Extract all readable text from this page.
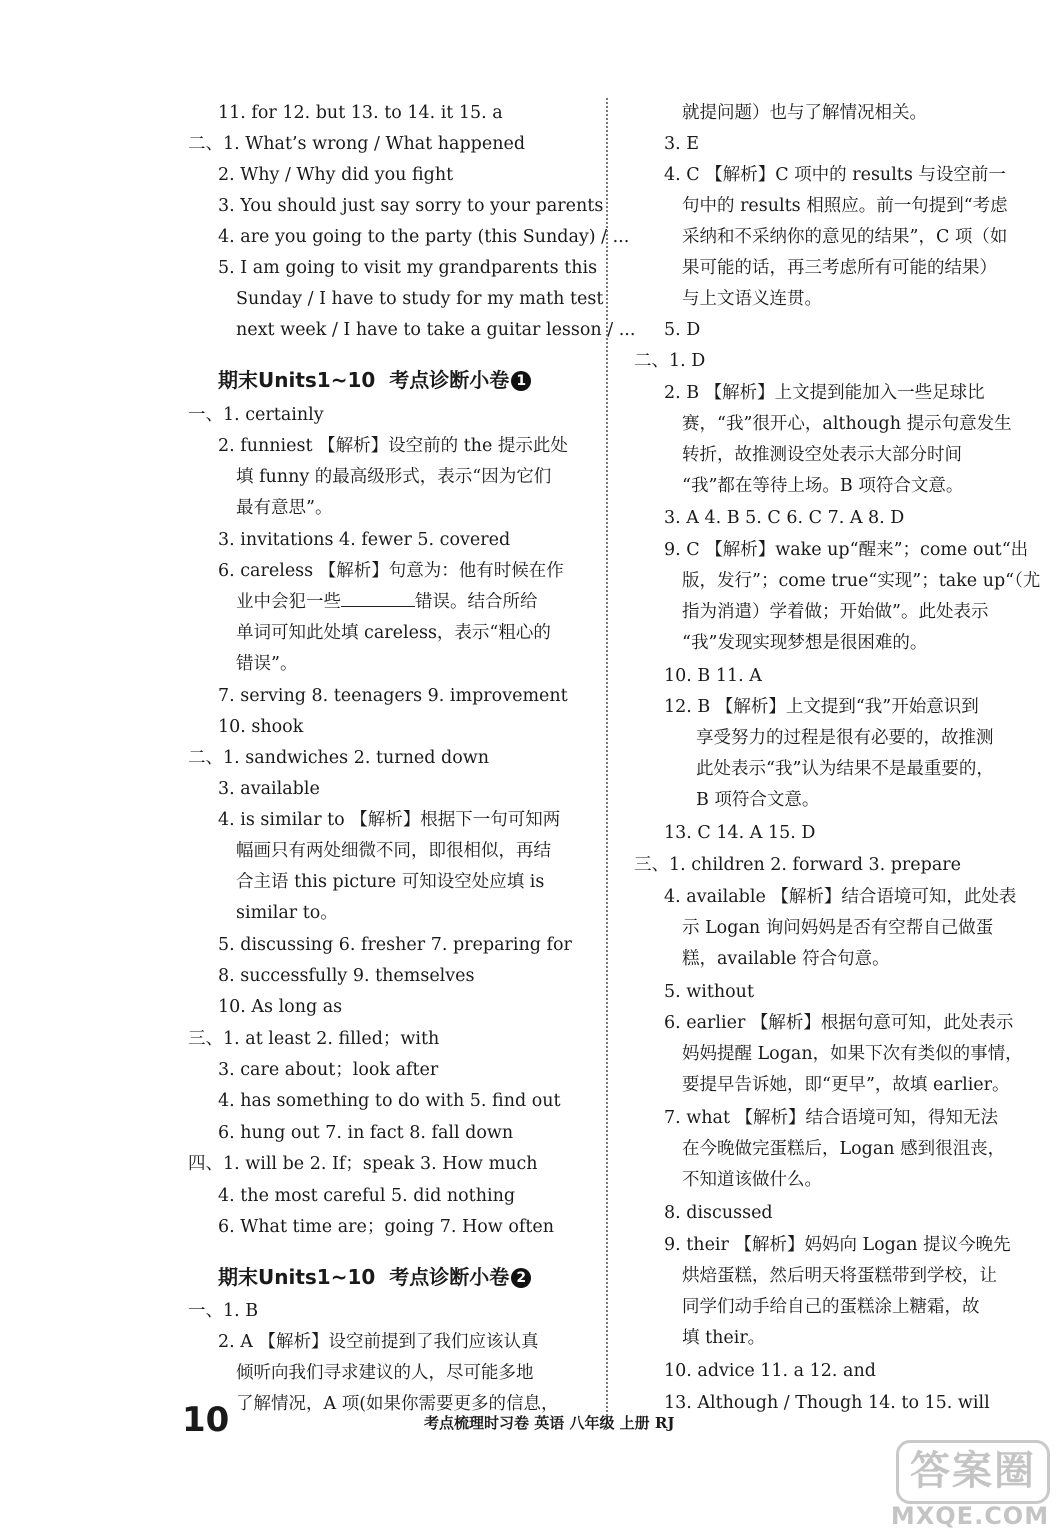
11. for 12. but 13. to 14. it 15. a
二、1. What’s wrong / What happened
2. Why / Why did you fight
3. You should just say sorry to your parents
4. are you going to the party (this Sunday) / ...
5. I am going to visit my grandparents this
Sunday / I have to study for my math test
next week / I have to take a guitar lesson / ...
一、1. certainly
2. funniest 【解析】设空前的 the 提示此处
填 funny 的最高级形式，表示“因为它们
最有意思”。
3. invitations 4. fewer 5. covered
6. careless 【解析】句意为：他有时候在作
单词可知此处填 careless，表示“粗心的
错误”。
7. serving 8. teenagers 9. improvement
10. shook
二、1. sandwiches 2. turned down
3. available
4. is similar to 【解析】根据下一句可知两
幅画只有两处细微不同，即很相似，再结
合主语 this picture 可知设空处应填 is
similar to。
5. discussing 6. fresher 7. preparing for
8. successfully 9. themselves
10. As long as
三、1. at least 2. filled；with
3. care about；look after
4. has something to do with 5. find out
6. hung out 7. in fact 8. fall down
四、1. will be 2. If；speak 3. How much
4. the most careful 5. did nothing
6. What time are；going 7. How often
一、1. B
2. A 【解析】设空前提到了我们应该认真
倾听向我们寻求建议的人，尽可能多地
了解情况，A 项(如果你需要更多的信息，
业中会犯一些	错误。结合所给
期末Units1~10  考点诊断小卷 1
期末Units1~10  考点诊断小卷 2
就提问题）也与了解情况相关。
3. E
4. C 【解析】C 项中的 results 与设空前一
句中的 results 相照应。前一句提到“考虑
采纳和不采纳你的意见的结果”，C 项（如
果可能的话，再三考虑所有可能的结果）
与上文语义连贯。
5. D
二、1. D
2. B 【解析】上文提到能加入一些足球比
赛，“我”很开心，although 提示句意发生
转折，故推测设空处表示大部分时间
“我”都在等待上场。B 项符合文意。
3. A 4. B 5. C 6. C 7. A 8. D
9. C 【解析】wake up“醒来”；come out“出
版，发行”；come true“实现”；take up“（尤
指为消遣）学着做；开始做”。此处表示
“我”发现实现梦想是很困难的。
10. B 11. A
12. B 【解析】上文提到“我”开始意识到
享受努力的过程是很有必要的，故推测
此处表示“我”认为结果不是最重要的，
B 项符合文意。
13. C 14. A 15. D
三、1. children 2. forward 3. prepare
4. available 【解析】结合语境可知，此处表
示 Logan 询问妈妈是否有空帮自己做蛋
糕，available 符合句意。
5. without
6. earlier 【解析】根据句意可知，此处表示
妈妈提醒 Logan，如果下次有类似的事情，
要提早告诉她，即“更早”，故填 earlier。
7. what 【解析】结合语境可知，得知无法
在今晚做完蛋糕后，Logan 感到很沮丧，
不知道该做什么。
8. discussed
9. their 【解析】妈妈向 Logan 提议今晚先
烘焙蛋糕，然后明天将蛋糕带到学校，让
同学们动手给自己的蛋糕涂上糖霜，故
填 their。
10. advice 11. a 12. and
13. Although / Though 14. to 15. will
10	考点梳理时习卷 英语 八年级 上册 RJ
答案圈
MXQE.COM
